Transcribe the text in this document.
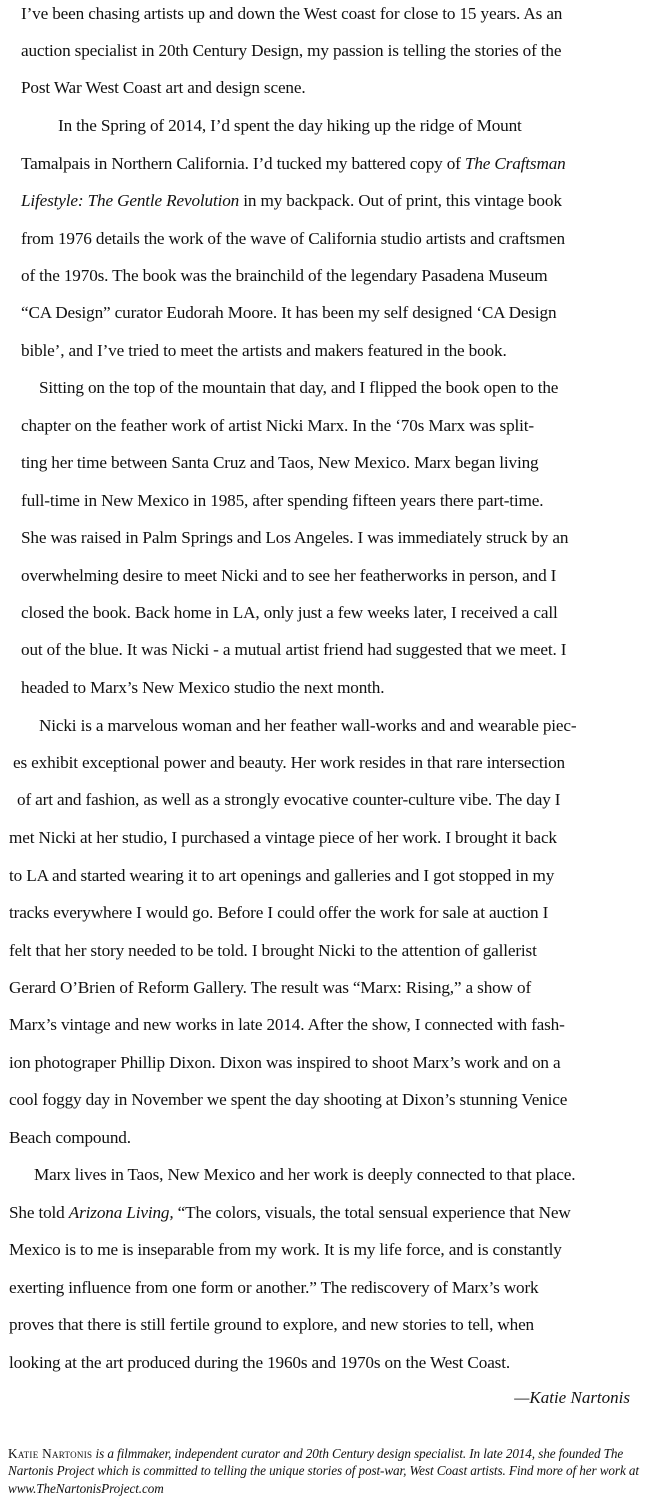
I’ve been chasing artists up and down the West coast for close to 15 years. As an
auction specialist in 20th Century Design, my passion is telling the stories of the
Post War West Coast art and design scene.
In the Spring of 2014, I’d spent the day hiking up the ridge of Mount
Tamalpais in Northern California. I’d tucked my battered copy of The Craftsman
Lifestyle: The Gentle Revolution in my backpack. Out of print, this vintage book
from 1976 details the work of the wave of California studio artists and craftsmen
of the 1970s. The book was the brainchild of the legendary Pasadena Museum
“CA Design” curator Eudorah Moore. It has been my self designed ‘CA Design
bible’, and I’ve tried to meet the artists and makers featured in the book.
Sitting on the top of the mountain that day, and I flipped the book open to the
chapter on the feather work of artist Nicki Marx. In the ‘70s Marx was split-
ting her time between Santa Cruz and Taos, New Mexico. Marx began living
full-time in New Mexico in 1985, after spending fifteen years there part-time.
She was raised in Palm Springs and Los Angeles. I was immediately struck by an
overwhelming desire to meet Nicki and to see her featherworks in person, and I
closed the book. Back home in LA, only just a few weeks later, I received a call
out of the blue. It was Nicki - a mutual artist friend had suggested that we meet. I
headed to Marx’s New Mexico studio the next month.
Nicki is a marvelous woman and her feather wall-works and and wearable piec-
es exhibit exceptional power and beauty. Her work resides in that rare intersection
of art and fashion, as well as a strongly evocative counter-culture vibe. The day I
met Nicki at her studio, I purchased a vintage piece of her work. I brought it back
to LA and started wearing it to art openings and galleries and I got stopped in my
tracks everywhere I would go. Before I could offer the work for sale at auction I
felt that her story needed to be told. I brought Nicki to the attention of gallerist
Gerard O’Brien of Reform Gallery. The result was “Marx: Rising,” a show of
Marx’s vintage and new works in late 2014. After the show, I connected with fash-
ion photograper Phillip Dixon. Dixon was inspired to shoot Marx’s work and on a
cool foggy day in November we spent the day shooting at Dixon’s stunning Venice
Beach compound.
Marx lives in Taos, New Mexico and her work is deeply connected to that place.
She told Arizona Living, “The colors, visuals, the total sensual experience that New
Mexico is to me is inseparable from my work. It is my life force, and is constantly
exerting influence from one form or another.” The rediscovery of Marx’s work
proves that there is still fertile ground to explore, and new stories to tell, when
looking at the art produced during the 1960s and 1970s on the West Coast.
—Katie Nartonis
Katie Nartonis is a filmmaker, independent curator and 20th Century design specialist. In late 2014, she founded The Nartonis Project which is committed to telling the unique stories of post-war, West Coast artists. Find more of her work at www.TheNartonisProject.com
